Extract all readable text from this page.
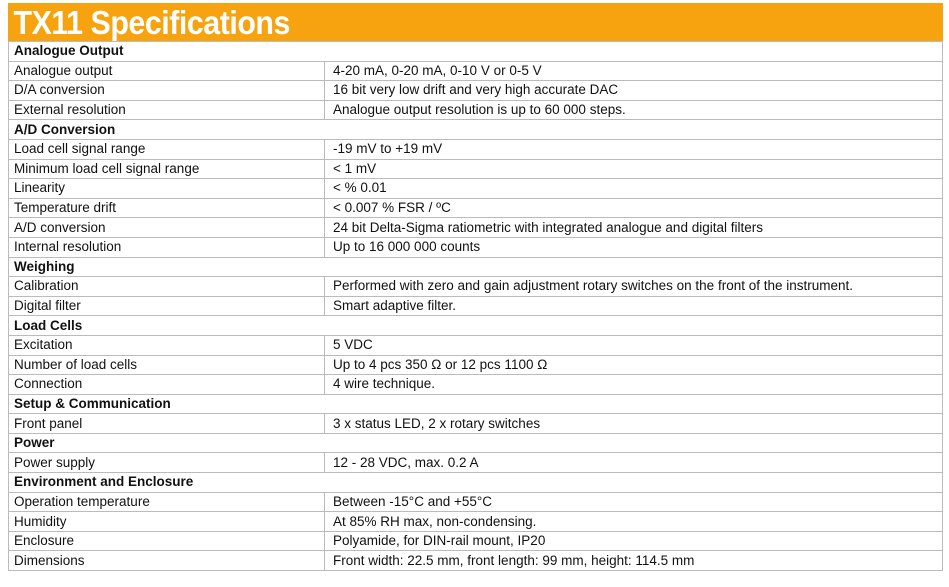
TX11 Specifications
Analogue Output	
Analogue output	4-20 mA, 0-20 mA, 0-10 V or 0-5 V
D/A conversion	16 bit very low drift and very high accurate DAC
External resolution	Analogue output resolution is up to 60 000 steps.
A/D Conversion	
Load cell signal range	-19 mV to +19 mV
Minimum load cell signal range	< 1 mV
Linearity	< % 0.01
Temperature drift	< 0.007 % FSR / ºC
A/D conversion	24 bit Delta-Sigma ratiometric with integrated analogue and digital filters
Internal resolution	Up to 16 000 000 counts
Weighing	
Calibration	Performed with zero and gain adjustment rotary switches on the front of the instrument.
Digital filter	Smart adaptive filter.
Load Cells	
Excitation	5 VDC
Number of load cells	Up to 4 pcs 350 Ω or 12 pcs 1100 Ω
Connection	4 wire technique.
Setup & Communication	
Front panel	3 x status LED, 2 x rotary switches
Power	
Power supply	12 - 28 VDC, max. 0.2 A
Environment and Enclosure	
Operation temperature	Between -15°C and +55°C
Humidity	At 85% RH max, non-condensing.
Enclosure	Polyamide, for DIN-rail mount, IP20
Dimensions	Front width: 22.5 mm, front length: 99 mm, height: 114.5 mm
